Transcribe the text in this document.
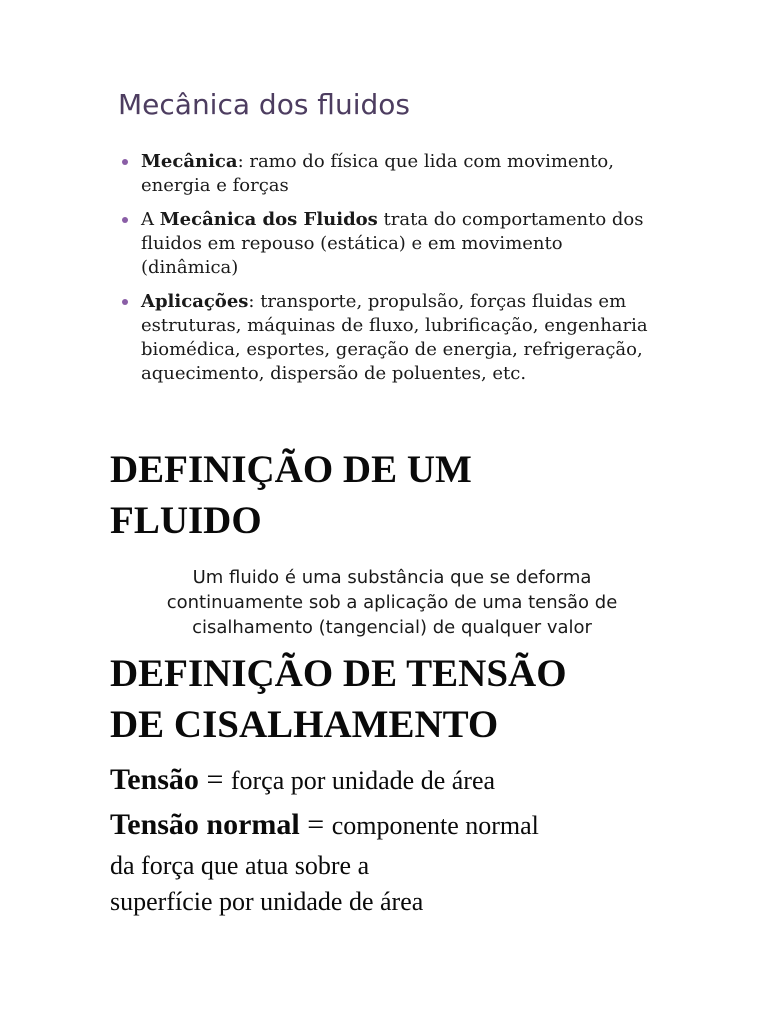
Mecânica dos fluidos
Mecânica: ramo do física que lida com movimento, energia e forças
A Mecânica dos Fluidos trata do comportamento dos fluidos em repouso (estática) e em movimento (dinâmica)
Aplicações: transporte, propulsão, forças fluidas em estruturas, máquinas de fluxo, lubrificação, engenharia biomédica, esportes, geração de energia, refrigeração, aquecimento, dispersão de poluentes, etc.
DEFINIÇÃO DE UM
FLUIDO

Um fluido é uma substância que se deforma continuamente sob a aplicação de uma tensão de cisalhamento (tangencial) de qualquer valor

DEFINIÇÃO DE TENSÃO
DE CISALHAMENTO

Tensão = força por unidade de área

Tensão normal = componente normal

da força que atua sobre a

superfície por unidade de área
